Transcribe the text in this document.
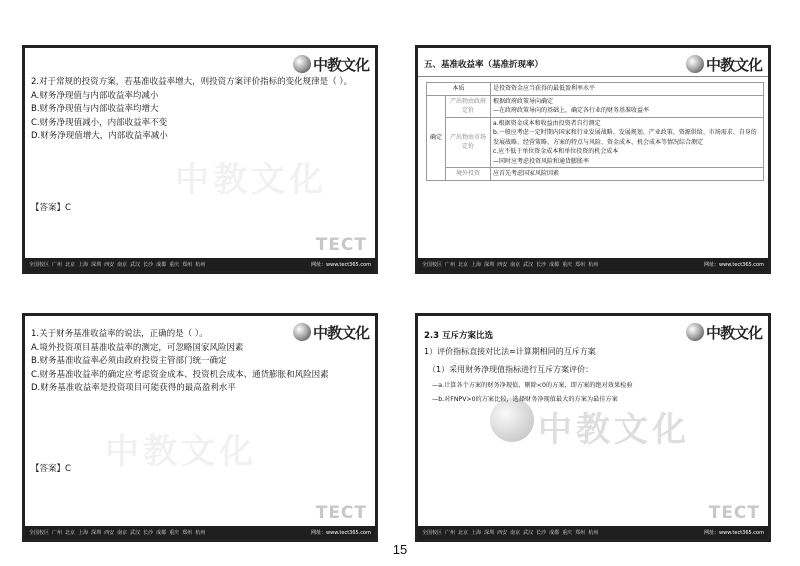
中教文化
中教文化

2.对于常规的投资方案，若基准收益率增大，则投资方案评价指标的变化规律是（ ）。

A.财务净现值与内部收益率均减小

B.财务净现值与内部收益率均增大

C.财务净现值减小，内部收益率不变

D.财务净现值增大，内部收益率减小

【答案】C
TECT
全国校区 广州 北京 上海 深圳 西安 南京 武汉 长沙 成都 重庆 郑州 杭州	网址：www.tect365.com
五、基准收益率（基准折现率）	中教文化
本质		是投资资金应当获得的最低盈利率水平
确定	产出物由政府定价	根据政府政策导向确定
—在政府政策导向的基础上，确定各行业的财务基准收益率

	产出物由市场定价	a.根据资金成本和收益由投资者自行测定
b.一般应考虑一定时期内国家和行业发展战略、发展规划、产业政策、资源供给、市场需求、自身的发展战略、经营策略、方案的特点与风险、资金成本、机会成本等情况综合测定
c.应不低于单位资金成本和单位投资的机会成本
—同时应考虑投资风险和通货膨胀率

	境外投资	应首先考虑国家风险因素
全国校区 广州 北京 上海 深圳 西安 南京 武汉 长沙 成都 重庆 郑州 杭州	网址：www.tect365.com
中教文化
中教文化

1.关于财务基准收益率的说法，正确的是（ ）。

A.境外投资项目基准收益率的测定，可忽略国家风险因素

B.财务基准收益率必须由政府投资主管部门统一确定

C.财务基准收益率的确定应考虑资金成本、投资机会成本、通货膨胀和风险因素

D.财务基准收益率是投资项目可能获得的最高盈利水平

【答案】C
TECT
全国校区 广州 北京 上海 深圳 西安 南京 武汉 长沙 成都 重庆 郑州 杭州	网址：www.tect365.com
中教文化
2.3 互斥方案比选	中教文化
1）评价指标直接对比法≈计算期相同的互斥方案
（1）采用财务净现值指标进行互斥方案评价：
—a.计算各个方案的财务净现值，剔除<0的方案，即方案的绝对效果检验
—b.对FNPV>0的方案比较，选择财务净现值最大的方案为最佳方案
TECT
全国校区 广州 北京 上海 深圳 西安 南京 武汉 长沙 成都 重庆 郑州 杭州	网址：www.tect365.com
15
